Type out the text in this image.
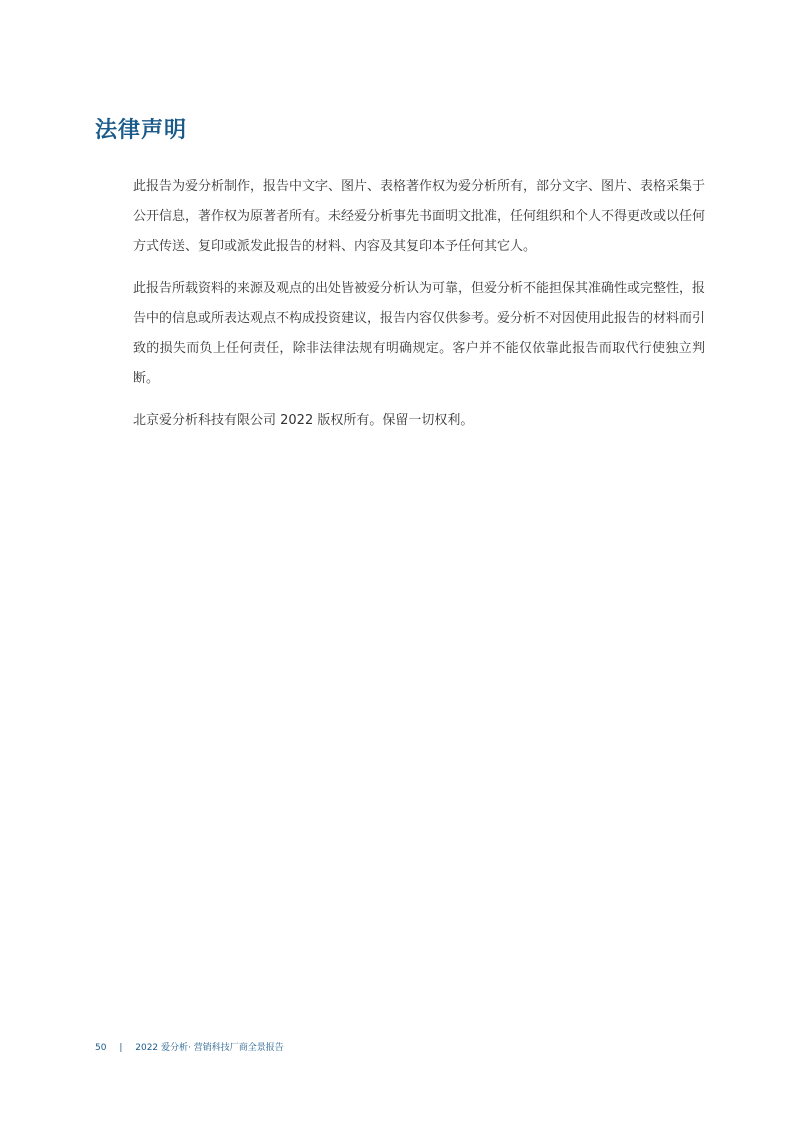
法律声明

此报告为爱分析制作，报告中文字、图片、表格著作权为爱分析所有，部分文字、图片、表格采集于公开信息，著作权为原著者所有。未经爱分析事先书面明文批准，任何组织和个人不得更改或以任何方式传送、复印或派发此报告的材料、内容及其复印本予任何其它人。

此报告所载资料的来源及观点的出处皆被爱分析认为可靠，但爱分析不能担保其准确性或完整性，报告中的信息或所表达观点不构成投资建议，报告内容仅供参考。爱分析不对因使用此报告的材料而引致的损失而负上任何责任，除非法律法规有明确规定。客户并不能仅依靠此报告而取代行使独立判断。

北京爱分析科技有限公司 2022 版权所有。保留一切权利。

50 | 2022 爱分析· 营销科技厂商全景报告
